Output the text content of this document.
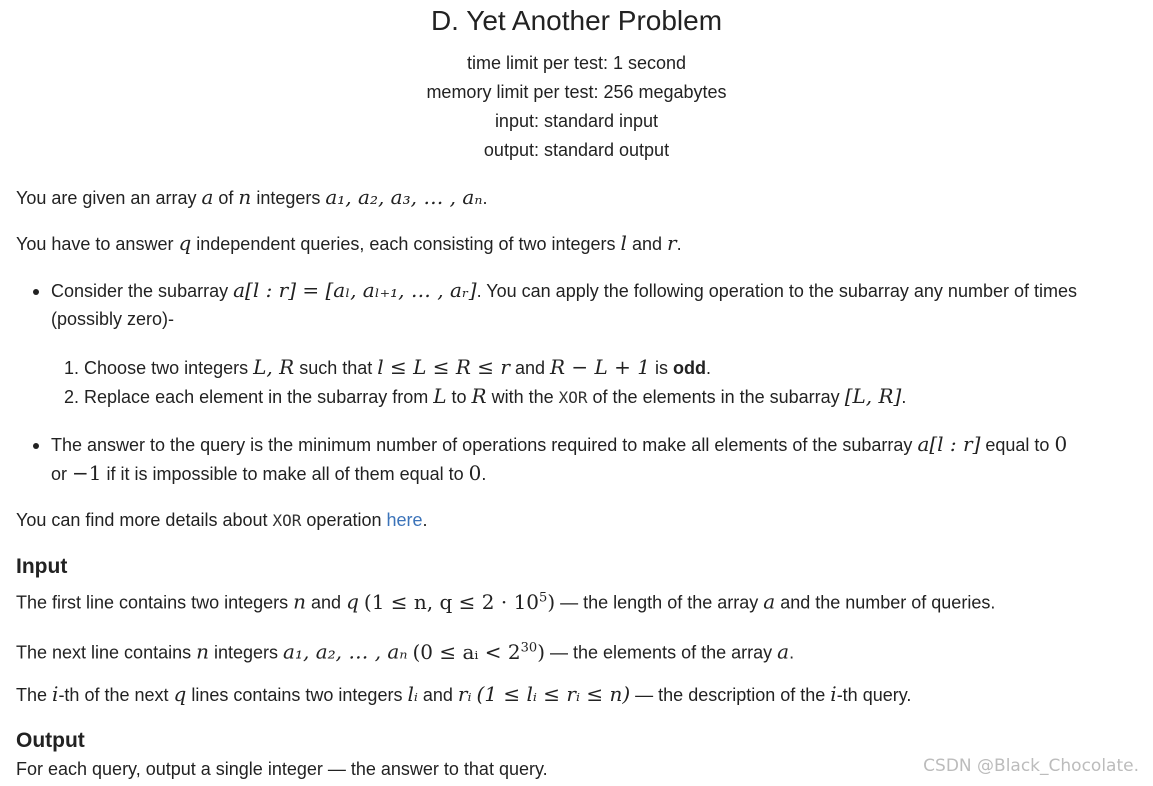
D. Yet Another Problem
time limit per test: 1 second
memory limit per test: 256 megabytes
input: standard input
output: standard output
You are given an array a of n integers a₁, a₂, a₃, … , aₙ.
You have to answer q independent queries, each consisting of two integers l and r.
Consider the subarray a[l : r] = [aₗ, aₗ₊₁, … , aᵣ]. You can apply the following operation to the subarray any number of times
(possibly zero)-
1. Choose two integers L, R such that l ≤ L ≤ R ≤ r and R − L + 1 is odd.
2. Replace each element in the subarray from L to R with the XOR of the elements in the subarray [L, R].
The answer to the query is the minimum number of operations required to make all elements of the subarray a[l : r] equal to 0
or −1 if it is impossible to make all of them equal to 0.
You can find more details about XOR operation here.
Input
The first line contains two integers n and q (1 ≤ n, $q \le 2 \cdot 10^5$) — the length of the array a and the number of queries.
The next line contains n integers a₁, a₂, … , aₙ (0 ≤ aᵢ < $2^{30}$) — the elements of the array a.
The i-th of the next q lines contains two integers lᵢ and rᵢ (1 ≤ lᵢ ≤ rᵢ ≤ n) — the description of the i-th query.
Output
For each query, output a single integer — the answer to that query.	CSDN @Black_Chocolate.
